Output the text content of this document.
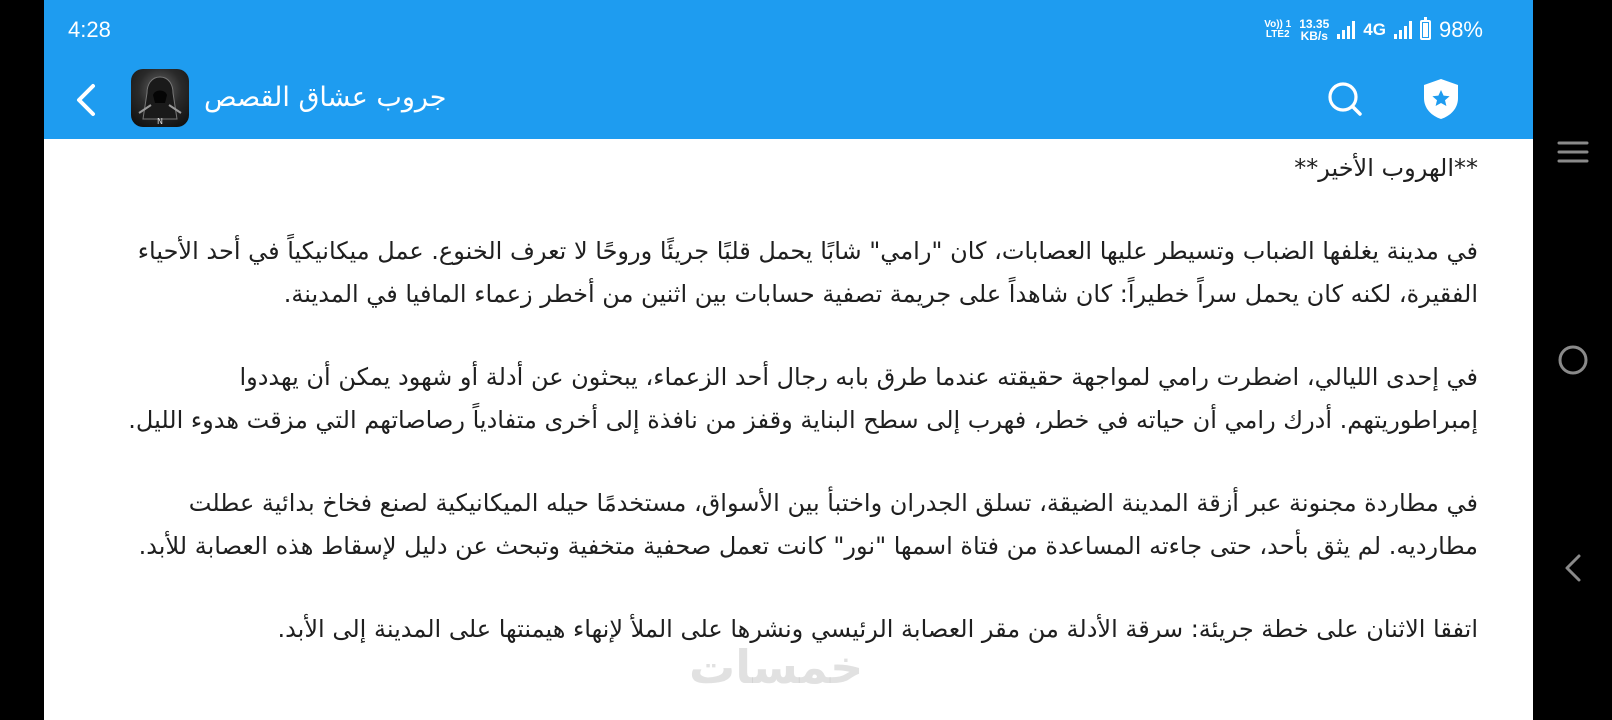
4:28	Vo)) 1
LTE2
13.35
KB/s 4G 98%
N
جروب عشاق القصص

**الهروب الأخير**

في مدينة يغلفها الضباب وتسيطر عليها العصابات، كان "رامي" شابًا يحمل قلبًا جريئًا وروحًا لا تعرف الخنوع. عمل ميكانيكياً في أحد الأحياء الفقيرة، لكنه كان يحمل سراً خطيراً: كان شاهداً على جريمة تصفية حسابات بين اثنين من أخطر زعماء المافيا في المدينة.

في إحدى الليالي، اضطرت رامي لمواجهة حقيقته عندما طرق بابه رجال أحد الزعماء، يبحثون عن أدلة أو شهود يمكن أن يهددوا إمبراطوريتهم. أدرك رامي أن حياته في خطر، فهرب إلى سطح البناية وقفز من نافذة إلى أخرى متفادياً رصاصاتهم التي مزقت هدوء الليل.

في مطاردة مجنونة عبر أزقة المدينة الضيقة، تسلق الجدران واختبأ بين الأسواق، مستخدمًا حيله الميكانيكية لصنع فخاخ بدائية عطلت مطارديه. لم يثق بأحد، حتى جاءته المساعدة من فتاة اسمها "نور" كانت تعمل صحفية متخفية وتبحث عن دليل لإسقاط هذه العصابة للأبد.

اتفقا الاثنان على خطة جريئة: سرقة الأدلة من مقر العصابة الرئيسي ونشرها على الملأ لإنهاء هيمنتها على المدينة إلى الأبد.

خمسات
